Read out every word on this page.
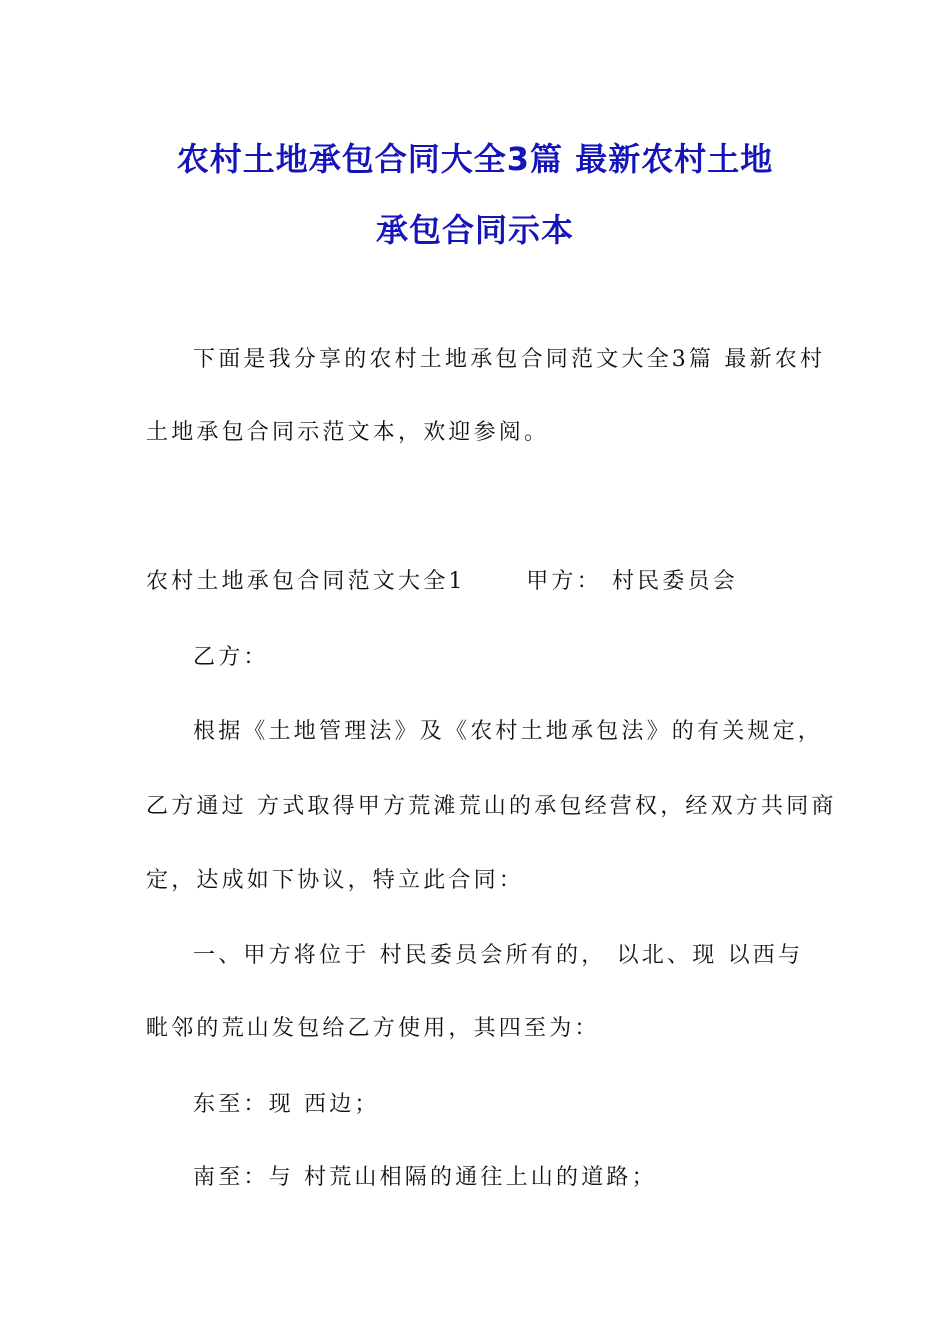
农村土地承包合同大全3篇 最新农村土地
承包合同示本
下面是我分享的农村土地承包合同范文大全3篇 最新农村
土地承包合同示范文本，欢迎参阅。
农村土地承包合同范文大全1　　 甲方： 村民委员会
乙方：
根据《土地管理法》及《农村土地承包法》的有关规定，
乙方通过 方式取得甲方荒滩荒山的承包经营权，经双方共同商
定，达成如下协议，特立此合同：
一、甲方将位于 村民委员会所有的， 以北、现 以西与
毗邻的荒山发包给乙方使用，其四至为：
东至：现 西边；
南至：与 村荒山相隔的通往上山的道路；
